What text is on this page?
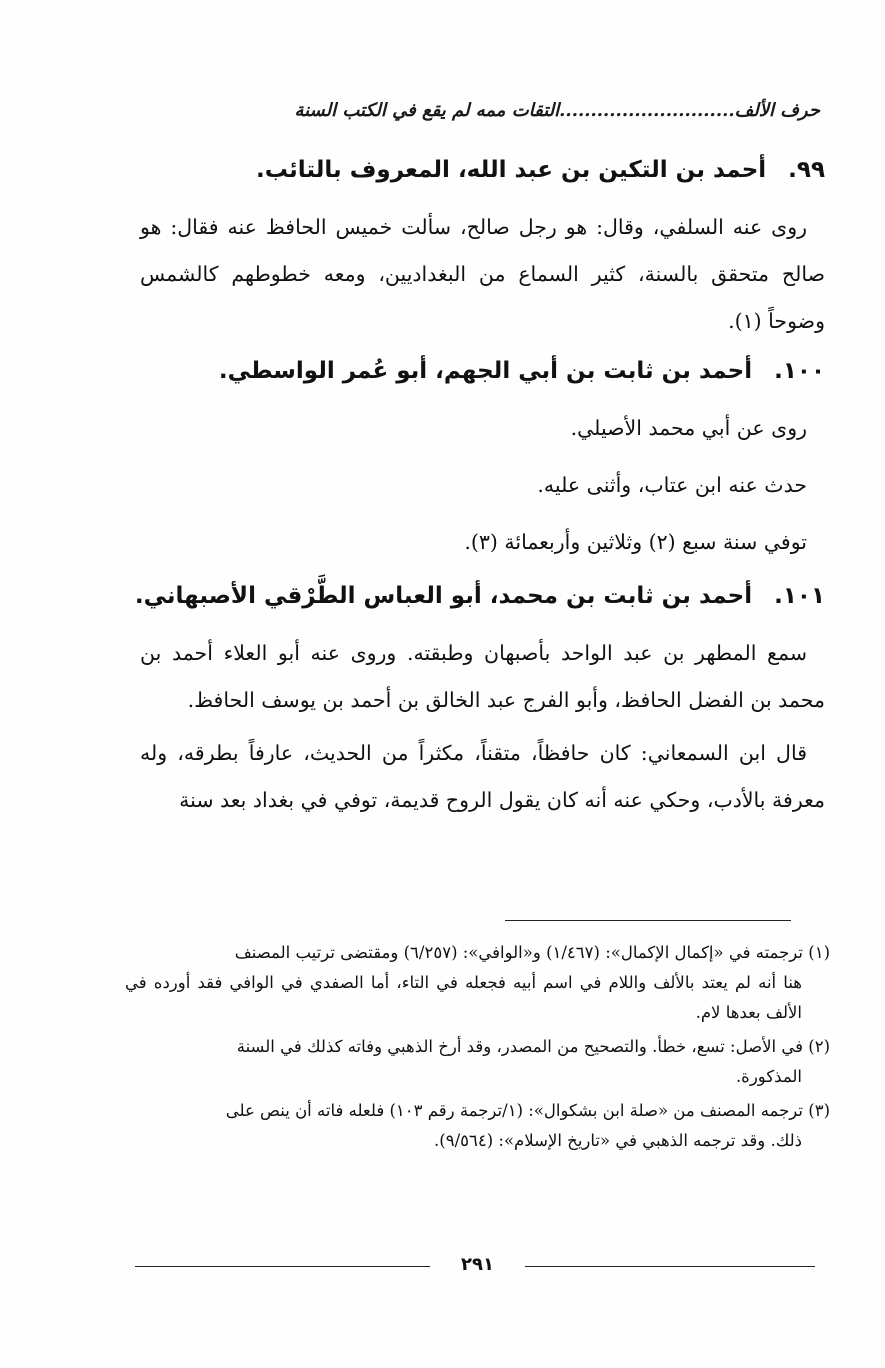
حرف الألف............................التقات ممه لم يقع في الكتب السنة
٩٩.أحمد بن التكين بن عبد الله، المعروف بالتائب.

روى عنه السلفي، وقال: هو رجل صالح، سألت خميس الحافظ عنه فقال: هو صالح متحقق بالسنة، كثير السماع من البغداديين، ومعه خطوطهم كالشمس وضوحاً (١).

١٠٠.أحمد بن ثابت بن أبي الجهم، أبو عُمر الواسطي.

روى عن أبي محمد الأصيلي.

حدث عنه ابن عتاب، وأثنى عليه.

توفي سنة سبع (٢) وثلاثين وأربعمائة (٣).

١٠١.أحمد بن ثابت بن محمد، أبو العباس الطَّرْقي الأصبهاني.

سمع المطهر بن عبد الواحد بأصبهان وطبقته. وروى عنه أبو العلاء أحمد بن محمد بن الفضل الحافظ، وأبو الفرج عبد الخالق بن أحمد بن يوسف الحافظ.

قال ابن السمعاني: كان حافظاً، متقناً، مكثراً من الحديث، عارفاً بطرقه، وله معرفة بالأدب، وحكي عنه أنه كان يقول الروح قديمة، توفي في بغداد بعد سنة

(١) ترجمته في «إكمال الإكمال»: (١/٤٦٧) و«الوافي»: (٦/٢٥٧) ومقتضى ترتيب المصنف
هنا أنه لم يعتد بالألف واللام في اسم أبيه فجعله في التاء، أما الصفدي في الوافي فقد أورده في الألف بعدها لام.
(٢) في الأصل: تسع، خطأ. والتصحيح من المصدر، وقد أرخ الذهبي وفاته كذلك في السنة
المذكورة.
(٣) ترجمه المصنف من «صلة ابن بشكوال»: (١/ترجمة رقم ١٠٣) فلعله فاته أن ينص على
ذلك. وقد ترجمه الذهبي في «تاريخ الإسلام»: (٩/٥٦٤).
٢٩١
